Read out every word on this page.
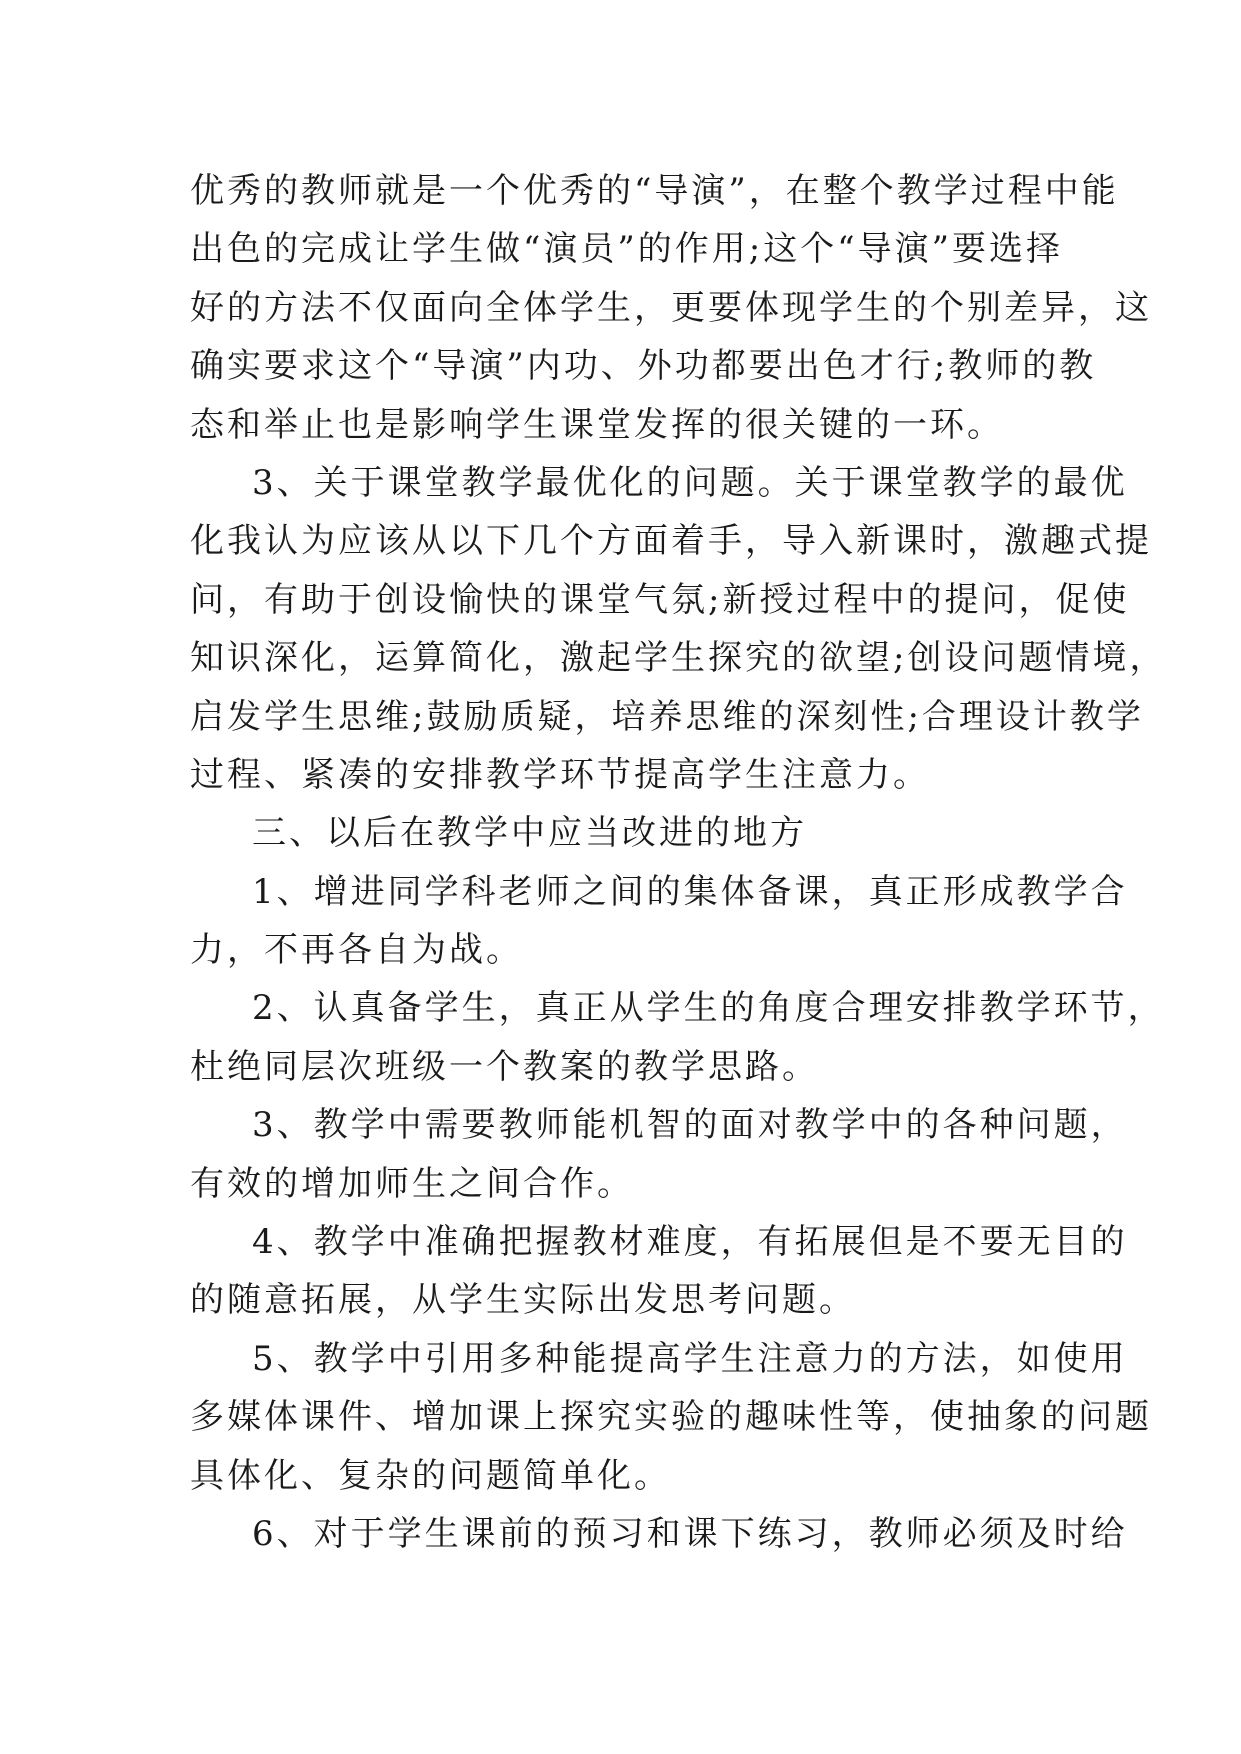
优秀的教师就是一个优秀的“导演”，在整个教学过程中能
出色的完成让学生做“演员”的作用;这个“导演”要选择
好的方法不仅面向全体学生，更要体现学生的个别差异，这
确实要求这个“导演”内功、外功都要出色才行;教师的教
态和举止也是影响学生课堂发挥的很关键的一环。
3、关于课堂教学最优化的问题。关于课堂教学的最优
化我认为应该从以下几个方面着手，导入新课时，激趣式提
问，有助于创设愉快的课堂气氛;新授过程中的提问，促使
知识深化，运算简化，激起学生探究的欲望;创设问题情境，
启发学生思维;鼓励质疑，培养思维的深刻性;合理设计教学
过程、紧凑的安排教学环节提高学生注意力。
三、以后在教学中应当改进的地方
1、增进同学科老师之间的集体备课，真正形成教学合
力，不再各自为战。
2、认真备学生，真正从学生的角度合理安排教学环节，
杜绝同层次班级一个教案的教学思路。
3、教学中需要教师能机智的面对教学中的各种问题，
有效的增加师生之间合作。
4、教学中准确把握教材难度，有拓展但是不要无目的
的随意拓展，从学生实际出发思考问题。
5、教学中引用多种能提高学生注意力的方法，如使用
多媒体课件、增加课上探究实验的趣味性等，使抽象的问题
具体化、复杂的问题简单化。
6、对于学生课前的预习和课下练习，教师必须及时给
